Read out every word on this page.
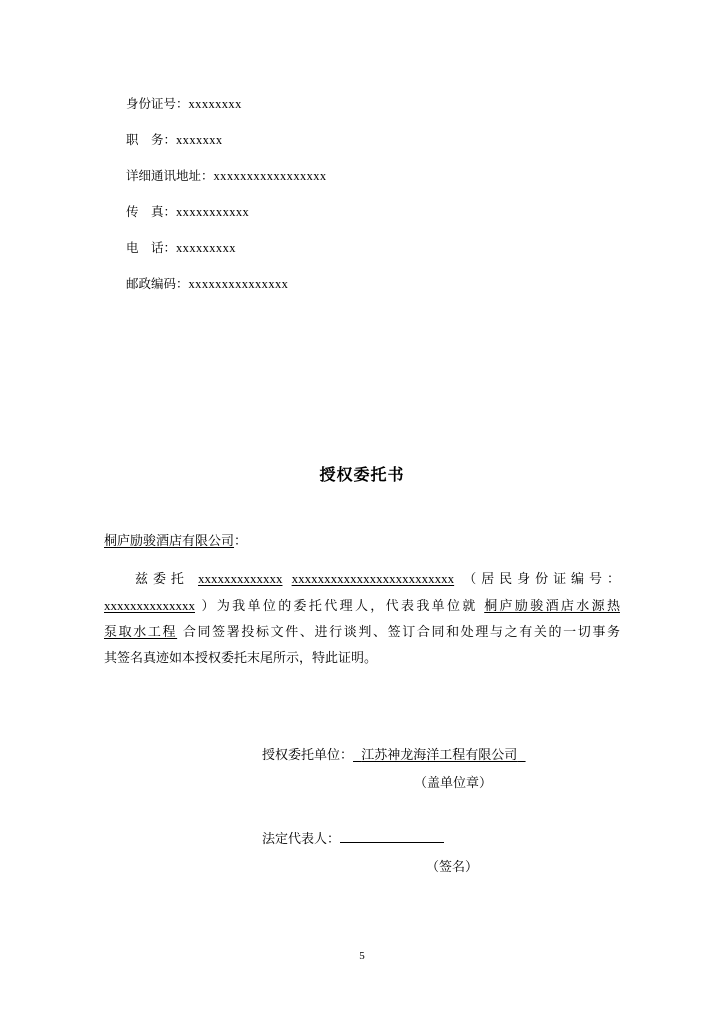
身份证号：xxxxxxxx
职　务：xxxxxxx
详细通讯地址：xxxxxxxxxxxxxxxxx
传　真：xxxxxxxxxxx
电　话：xxxxxxxxx
邮政编码：xxxxxxxxxxxxxxx
授权委托书
桐庐励骏酒店有限公司：
兹委托 xxxxxxxxxxxxx xxxxxxxxxxxxxxxxxxxxxxxxx （居民身份证编号：
xxxxxxxxxxxxxx ）为我单位的委托代理人，代表我单位就 桐庐励骏酒店水源热
泵取水工程 合同签署投标文件、进行谈判、签订合同和处理与之有关的一切事务
其签名真迹如本授权委托末尾所示，特此证明。
授权委托单位： 江苏神龙海洋工程有限公司
（盖单位章）
法定代表人：
（签名）
5
